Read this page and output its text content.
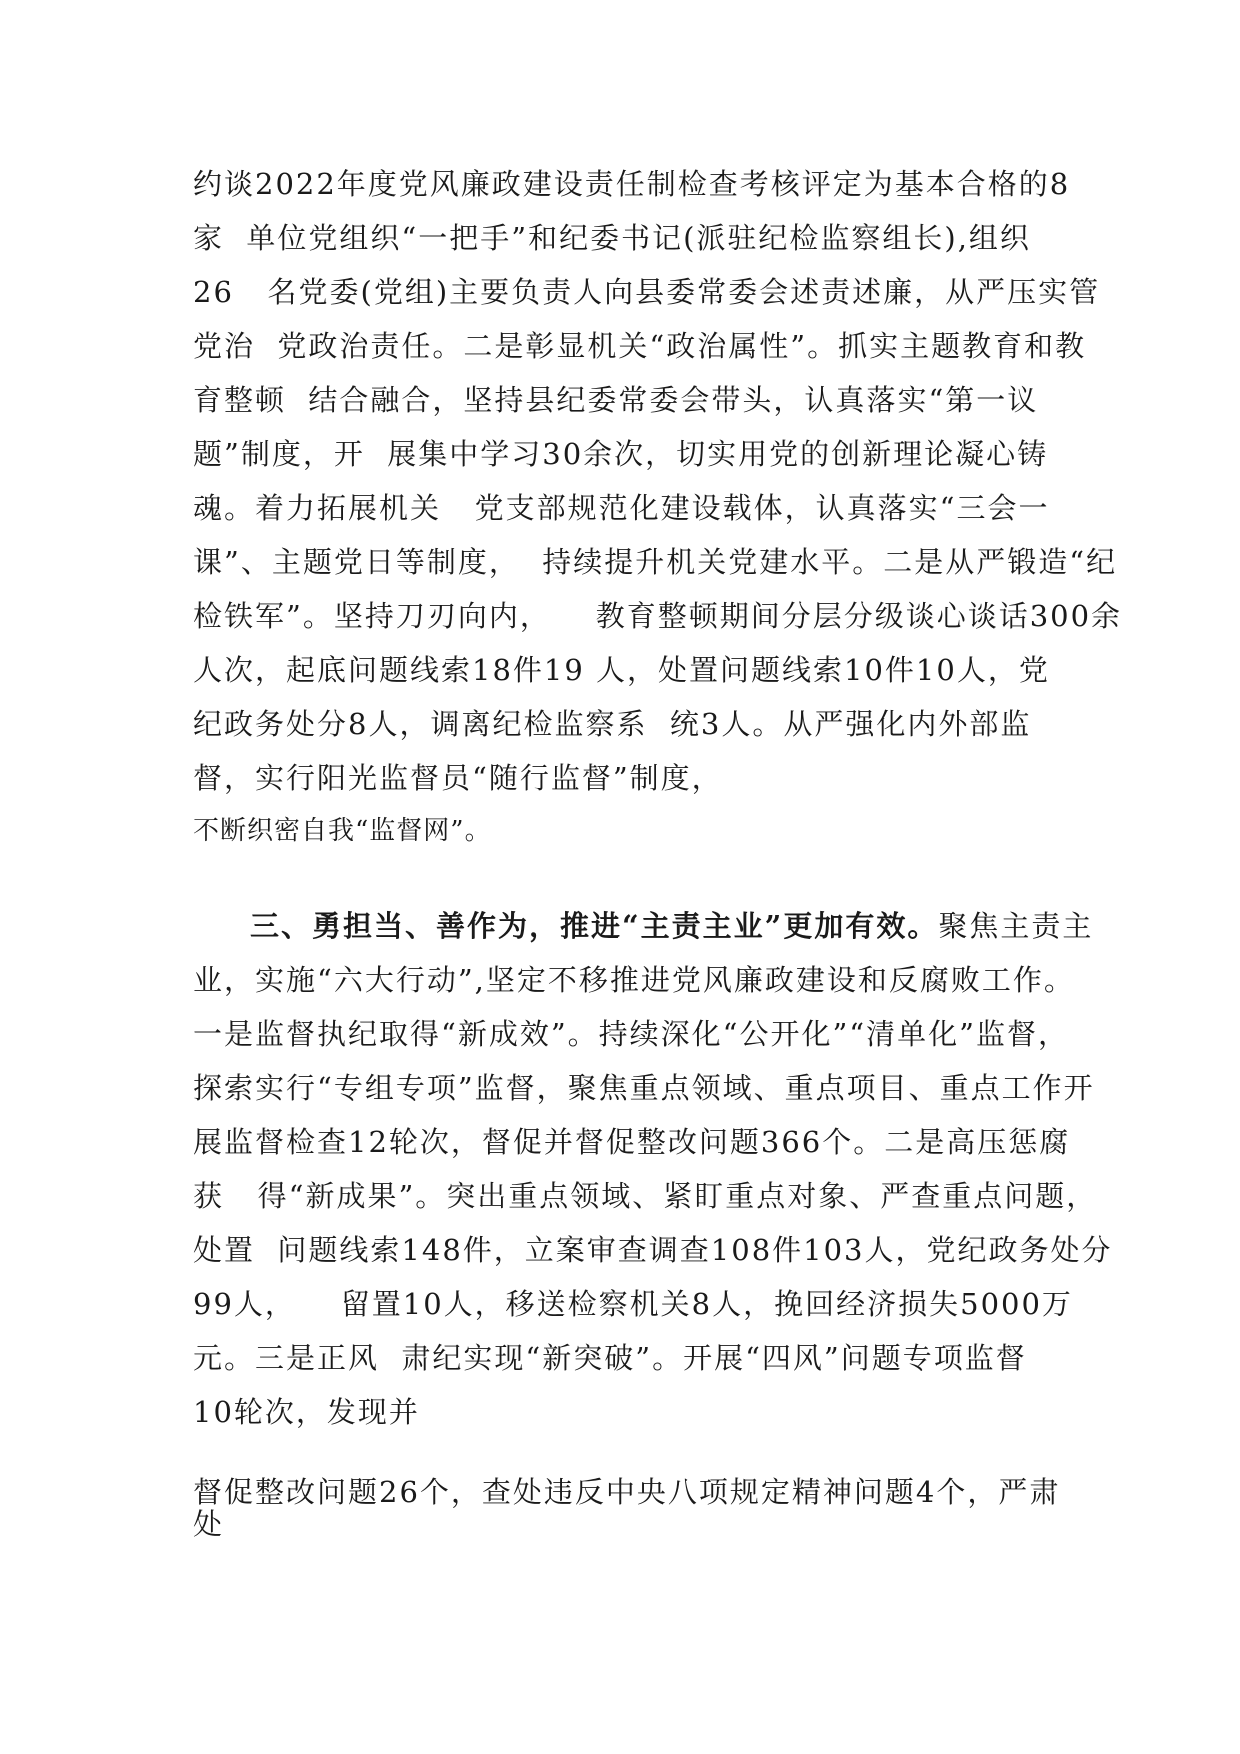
约谈2022年度党风廉政建设责任制检查考核评定为基本合格的8
家  单位党组织“一把手”和纪委书记(派驻纪检监察组长),组织
26   名党委(党组)主要负责人向县委常委会述责述廉，从严压实管
党治  党政治责任。二是彰显机关“政治属性”。抓实主题教育和教
育整顿  结合融合，坚持县纪委常委会带头，认真落实“第一议
题”制度，开  展集中学习30余次，切实用党的创新理论凝心铸
魂。着力拓展机关   党支部规范化建设载体，认真落实“三会一
课”、主题党日等制度，  持续提升机关党建水平。二是从严锻造“纪
检铁军”。坚持刀刃向内，    教育整顿期间分层分级谈心谈话300余
人次，起底问题线索18件19 人，处置问题线索10件10人，党
纪政务处分8人，调离纪检监察系  统3人。从严强化内外部监
督，实行阳光监督员“随行监督”制度，
不断织密自我“监督网”。
三、勇担当、善作为，推进“主责主业”更加有效。聚焦主责主
业，实施“六大行动”,坚定不移推进党风廉政建设和反腐败工作。
一是监督执纪取得“新成效”。持续深化“公开化”“清单化”监督，
探索实行“专组专项”监督，聚焦重点领域、重点项目、重点工作开
展监督检查12轮次，督促并督促整改问题366个。二是高压惩腐
获   得“新成果”。突出重点领域、紧盯重点对象、严查重点问题，
处置  问题线索148件，立案审查调查108件103人，党纪政务处分
99人，    留置10人，移送检察机关8人，挽回经济损失5000万
元。三是正风  肃纪实现“新突破”。开展“四风”问题专项监督
10轮次，发现并
督促整改问题26个，查处违反中央八项规定精神问题4个，严肃
处
